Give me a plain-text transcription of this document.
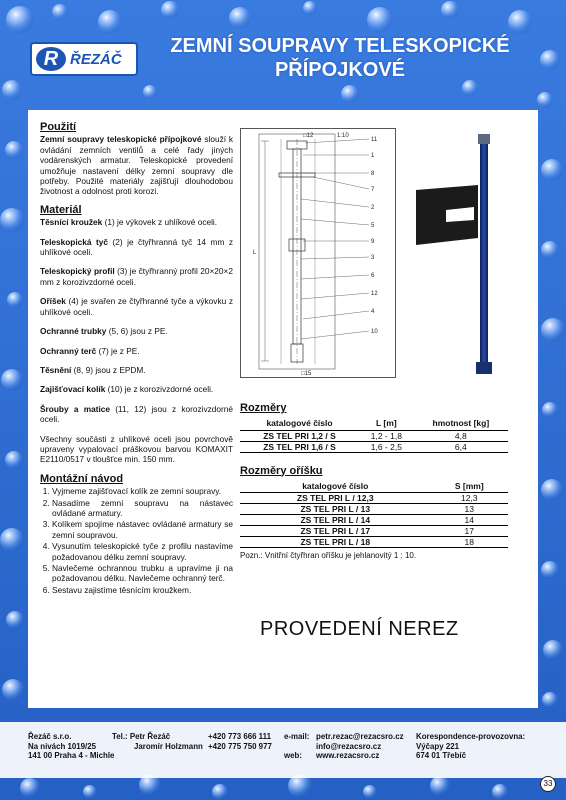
R ŘEZÁČ
ZEMNÍ SOUPRAVY TELESKOPICKÉ
PŘÍPOJKOVÉ
Použití

Zemní soupravy teleskopické přípojkové slouží k ovládání zemních ventilů a celé řady jiných vodárenských armatur. Teleskopické provedení umožňuje nastavení délky zemní soupravy dle potřeby. Použité materiály zajišťují dlouhodobou životnost a odolnost proti korozi.

Materiál

Těsnící kroužek (1) je výkovek z uhlíkové oceli.

Teleskopická tyč (2) je čtyřhranná tyč 14 mm z uhlíkové oceli.

Teleskopický profil (3) je čtyřhranný profil 20×20×2 mm z korozivzdorné oceli.

Oříšek (4) je svařen ze čtyřhranné tyče a výkovku z uhlíkové oceli.

Ochranné trubky (5, 6) jsou z PE.

Ochranný terč (7) je z PE.

Těsnění (8, 9) jsou z EPDM.

Zajišťovací kolík (10) je z korozivzdorné oceli.

Šrouby a matice (11, 12) jsou z korozivzdorné oceli.

Všechny součásti z uhlíkové oceli jsou povrchově upraveny vypalovací práškovou barvou KOMAXIT E2110/0517 v tloušťce min. 150 mm.

Montážní návod
1. Vyjmeme zajišťovací kolík ze zemní soupravy.
2. Nasadíme zemní soupravu na nástavec ovládané armatury.
3. Kolíkem spojíme nástavec ovládané armatury se zemní soupravou.
4. Vysunutím teleskopické tyče z profilu nastavíme požadovanou délku zemní soupravy.
5. Navlečeme ochrannou trubku a upravíme ji na požadovanou délku. Navlečeme ochranný terč.
6. Sestavu zajistíme těsnícím kroužkem.
11
1
8
7
2
5
9
3
6
12
4
10
□12	1:10
□15
L
Rozměry
katalogové číslo	L [m]	hmotnost [kg]
ZS TEL PRI 1,2 / S	1,2 - 1,8	4,8
ZS TEL PRI 1,6 / S	1,6 - 2,5	6,4
Rozměry oříšku
katalogové číslo	S [mm]
ZS TEL PRI L / 12,3	12,3
ZS TEL PRI L / 13	13
ZS TEL PRI L / 14	14
ZS TEL PRI L / 17	17
ZS TEL PRI L / 18	18
Pozn.: Vnitřní čtyřhran oříšku je jehlanovitý 1 : 10.
PROVEDENÍ NEREZ
Řezáč s.r.o.
Na nivách 1019/25
141 00 Praha 4 - Michle
Tel.: Petr Řezáč
Jaromír Holzmann
+420 773 666 111
+420 775 750 977
e-mail:

web:
petr.rezac@rezacsro.cz
info@rezacsro.cz
www.rezacsro.cz
Korespondence-provozovna:
Výčapy 221
674 01 Třebíč
33
